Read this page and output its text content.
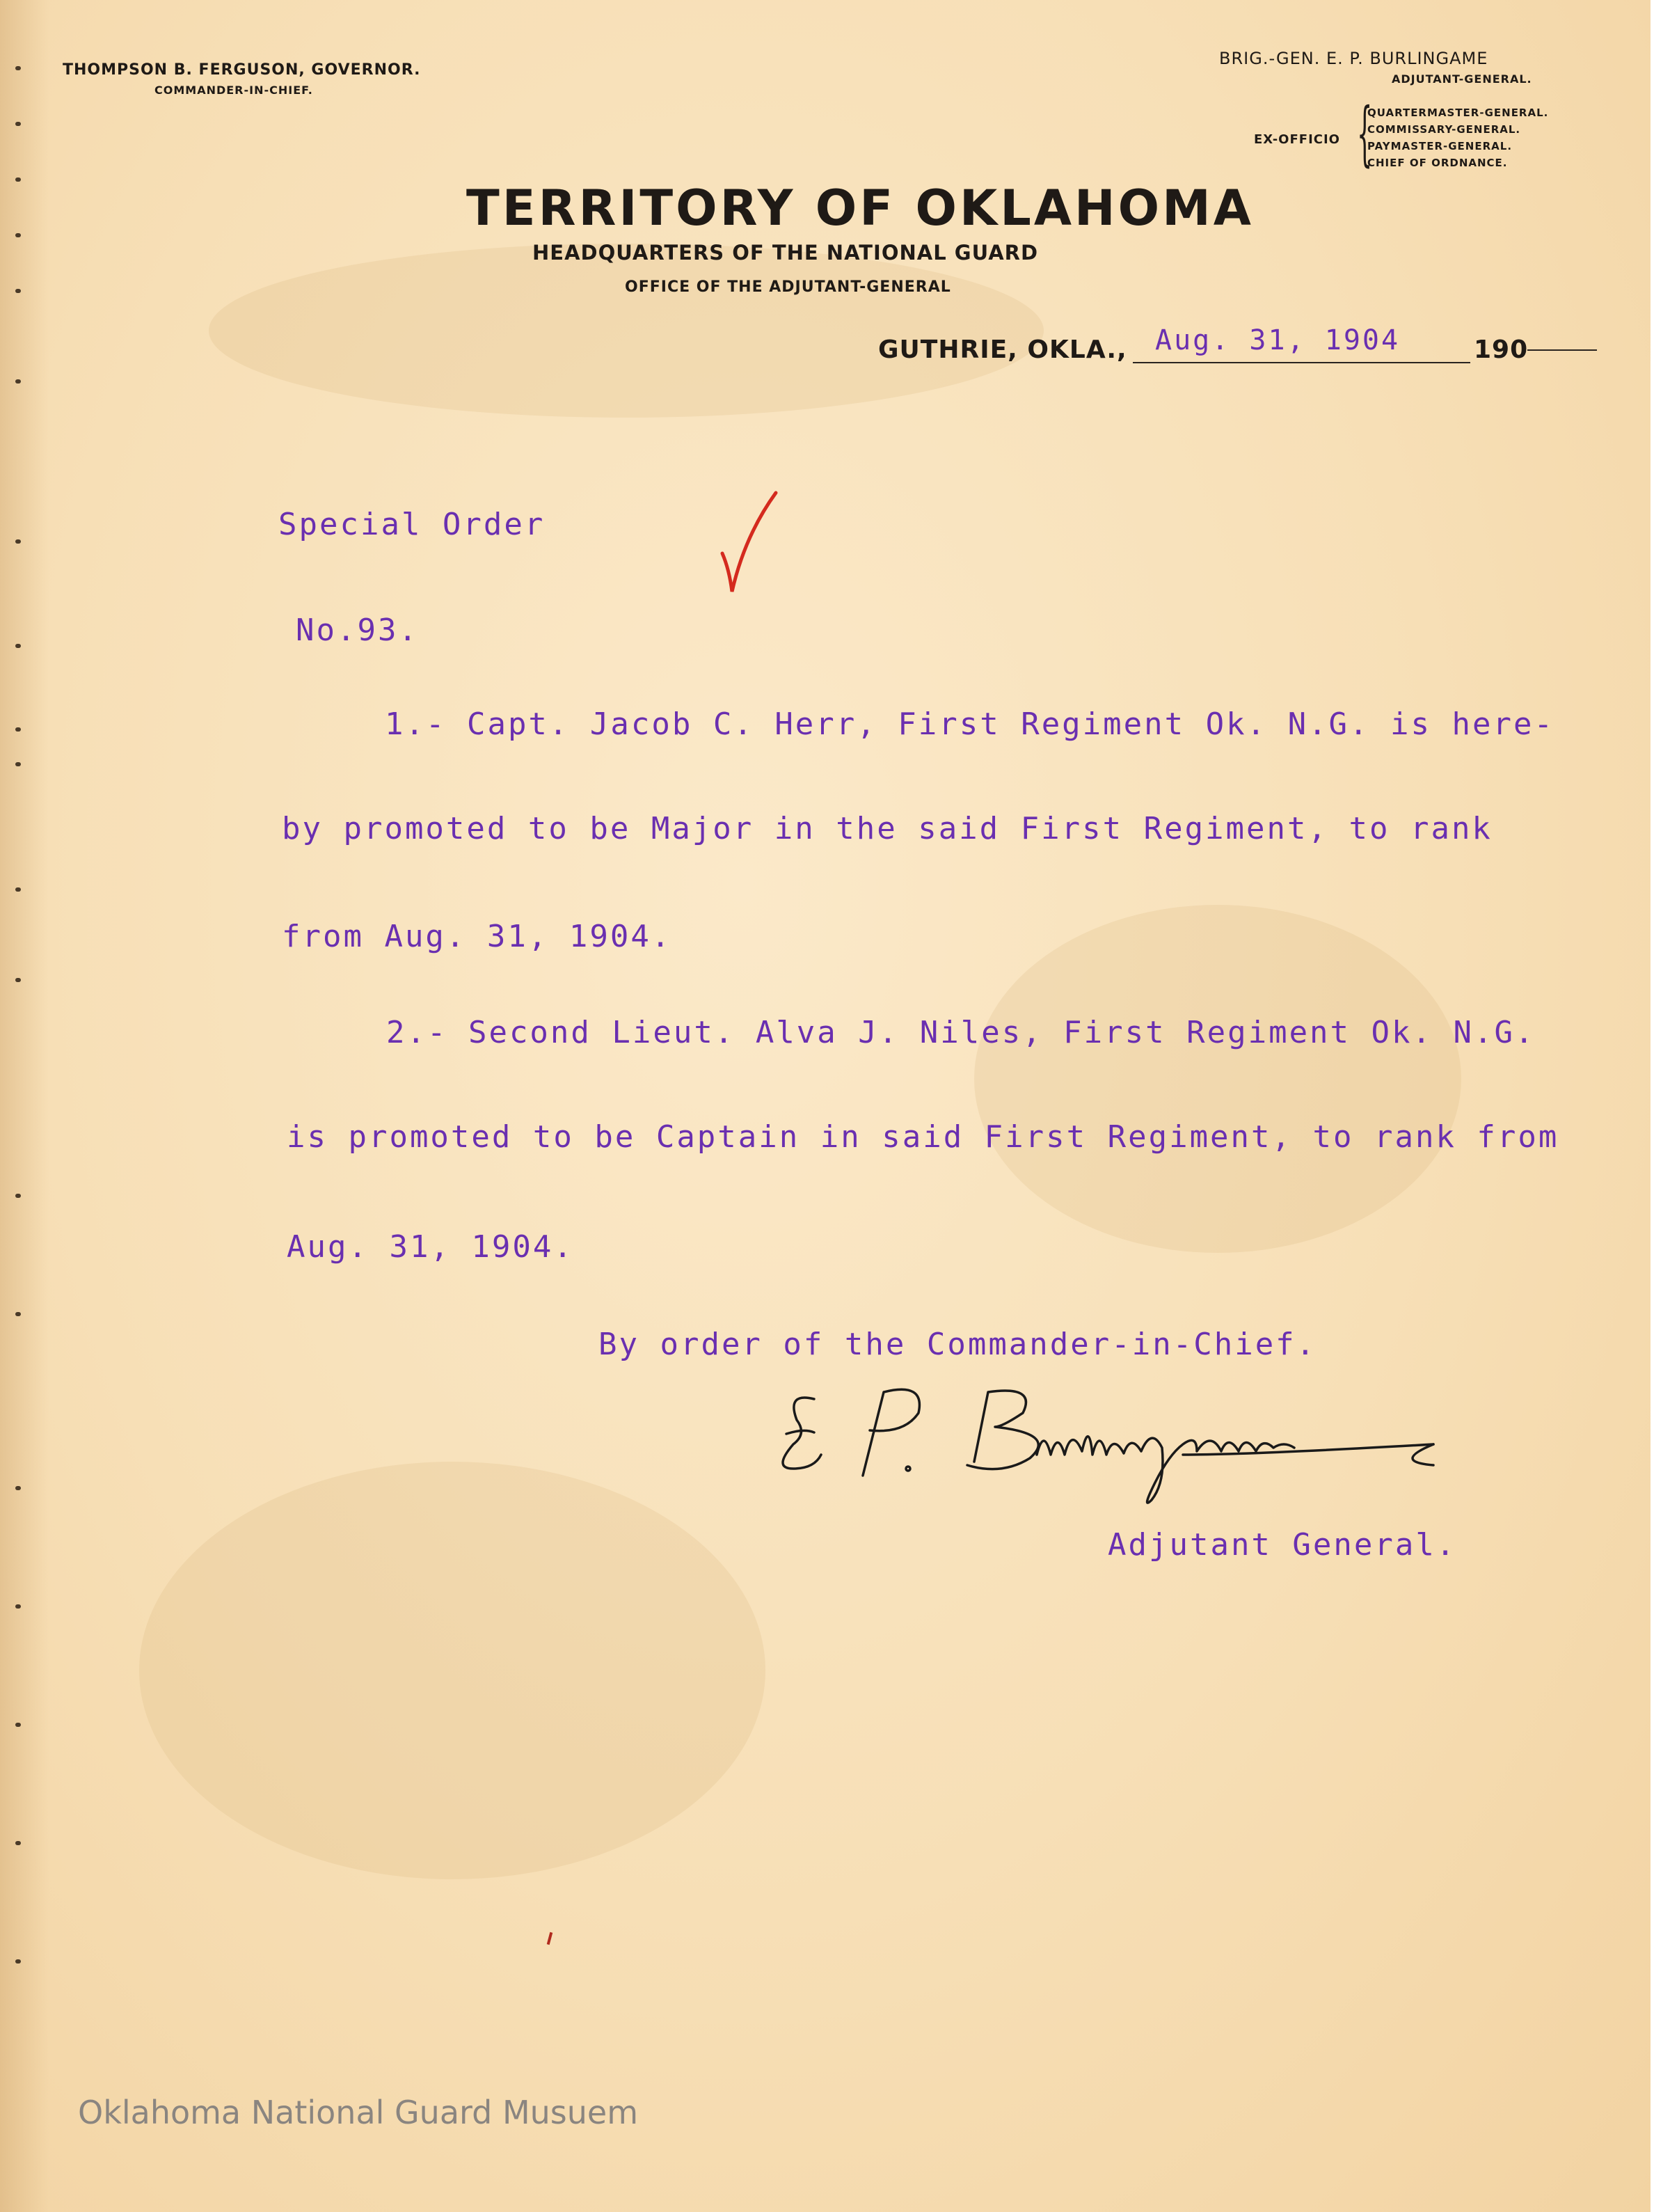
THOMPSON B. FERGUSON, GOVERNOR.
COMMANDER-IN-CHIEF.
BRIG.-GEN. E. P. BURLINGAME
ADJUTANT-GENERAL.
EX-OFFICIO {
QUARTERMASTER-GENERAL.
COMMISSARY-GENERAL.
PAYMASTER-GENERAL.
CHIEF OF ORDNANCE.
TERRITORY OF OKLAHOMA
HEADQUARTERS OF THE NATIONAL GUARD
OFFICE OF THE ADJUTANT-GENERAL
GUTHRIE, OKLA., Aug. 31, 1904	190
Special Order
No.93.
1.- Capt. Jacob C. Herr, First Regiment Ok. N.G. is here-
by promoted to be Major in the said First Regiment, to rank
from Aug. 31, 1904.
2.- Second Lieut. Alva J. Niles, First Regiment Ok. N.G.
is promoted to be Captain in said First Regiment, to rank from
Aug. 31, 1904.
By order of the Commander-in-Chief.
Adjutant General.
Oklahoma National Guard Musuem
